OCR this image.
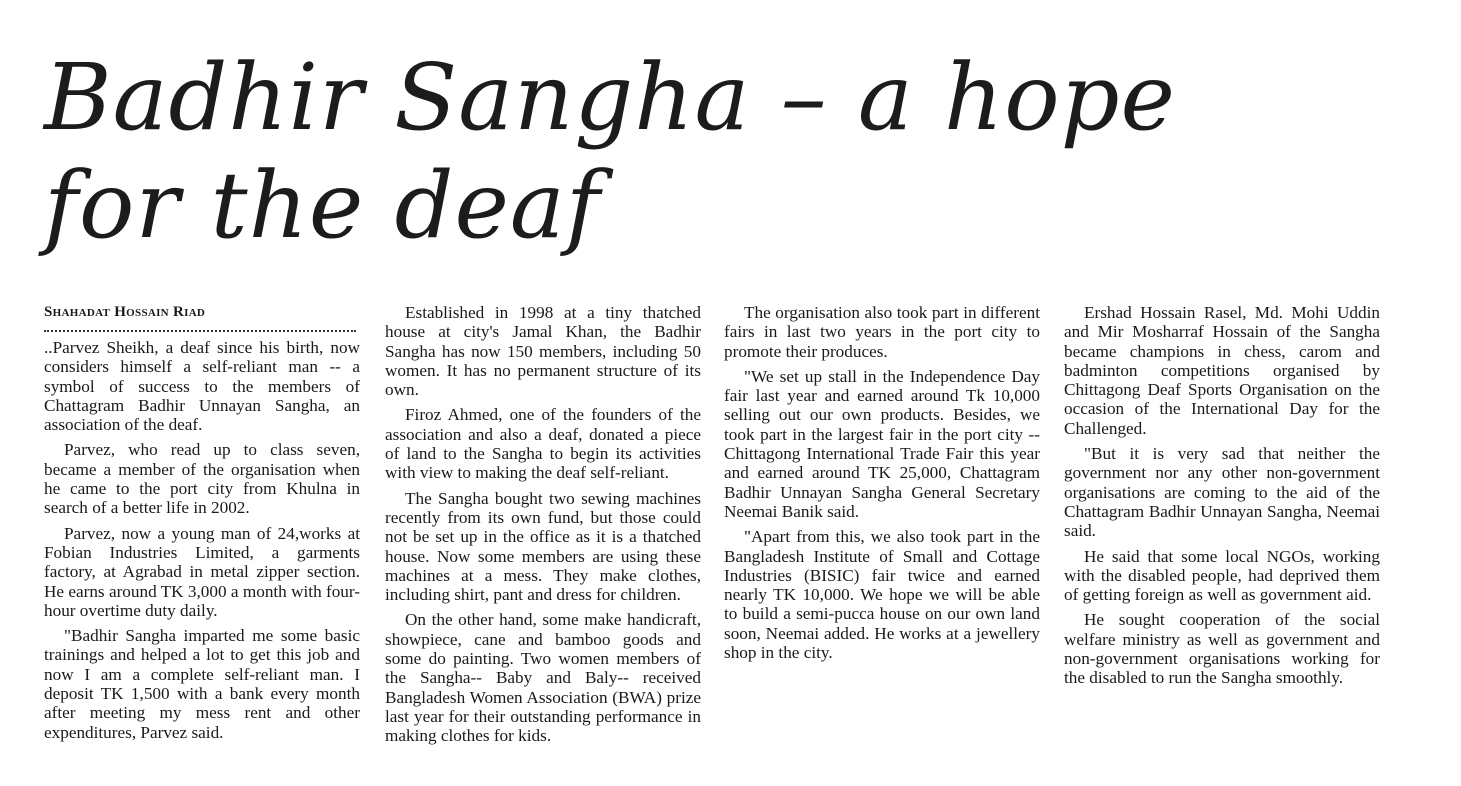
Badhir Sangha – a hope
for the deaf
Shahadat Hossain Riad

..Parvez Sheikh, a deaf since his birth, now considers himself a self-reliant man -- a symbol of success to the members of Chattagram Badhir Unnayan Sangha, an association of the deaf.

Parvez, who read up to class seven, became a member of the organisation when he came to the port city from Khulna in search of a better life in 2002.

Parvez, now a young man of 24,works at Fobian Industries Limited, a garments factory, at Agrabad in metal zipper section. He earns around TK 3,000 a month with four-hour overtime duty daily.

"Badhir Sangha imparted me some basic trainings and helped a lot to get this job and now I am a complete self-reliant man. I deposit TK 1,500 with a bank every month after meeting my mess rent and other expenditures, Parvez said.

Established in 1998 at a tiny thatched house at city's Jamal Khan, the Badhir Sangha has now 150 members, including 50 women. It has no permanent structure of its own.

Firoz Ahmed, one of the founders of the association and also a deaf, donated a piece of land to the Sangha to begin its activities with view to making the deaf self-reliant.

The Sangha bought two sewing machines recently from its own fund, but those could not be set up in the office as it is a thatched house. Now some members are using these machines at a mess. They make clothes, including shirt, pant and dress for children.

On the other hand, some make handicraft, showpiece, cane and bamboo goods and some do painting. Two women members of the Sangha-- Baby and Baly-- received Bangladesh Women Association (BWA) prize last year for their outstanding performance in making clothes for kids.

The organisation also took part in different fairs in last two years in the port city to promote their produces.

"We set up stall in the Independence Day fair last year and earned around Tk 10,000 selling out our own products. Besides, we took part in the largest fair in the port city -- Chittagong International Trade Fair this year and earned around TK 25,000, Chattagram Badhir Unnayan Sangha General Secretary Neemai Banik said.

"Apart from this, we also took part in the Bangladesh Institute of Small and Cottage Industries (BISIC) fair twice and earned nearly TK 10,000. We hope we will be able to build a semi-pucca house on our own land soon, Neemai added. He works at a jewellery shop in the city.

Ershad Hossain Rasel, Md. Mohi Uddin and Mir Mosharraf Hossain of the Sangha became champions in chess, carom and badminton competitions organised by Chittagong Deaf Sports Organisation on the occasion of the International Day for the Challenged.

"But it is very sad that neither the government nor any other non-government organisations are coming to the aid of the Chattagram Badhir Unnayan Sangha, Neemai said.

He said that some local NGOs, working with the disabled people, had deprived them of getting foreign as well as government aid.

He sought cooperation of the social welfare ministry as well as government and non-government organisations working for the disabled to run the Sangha smoothly.
